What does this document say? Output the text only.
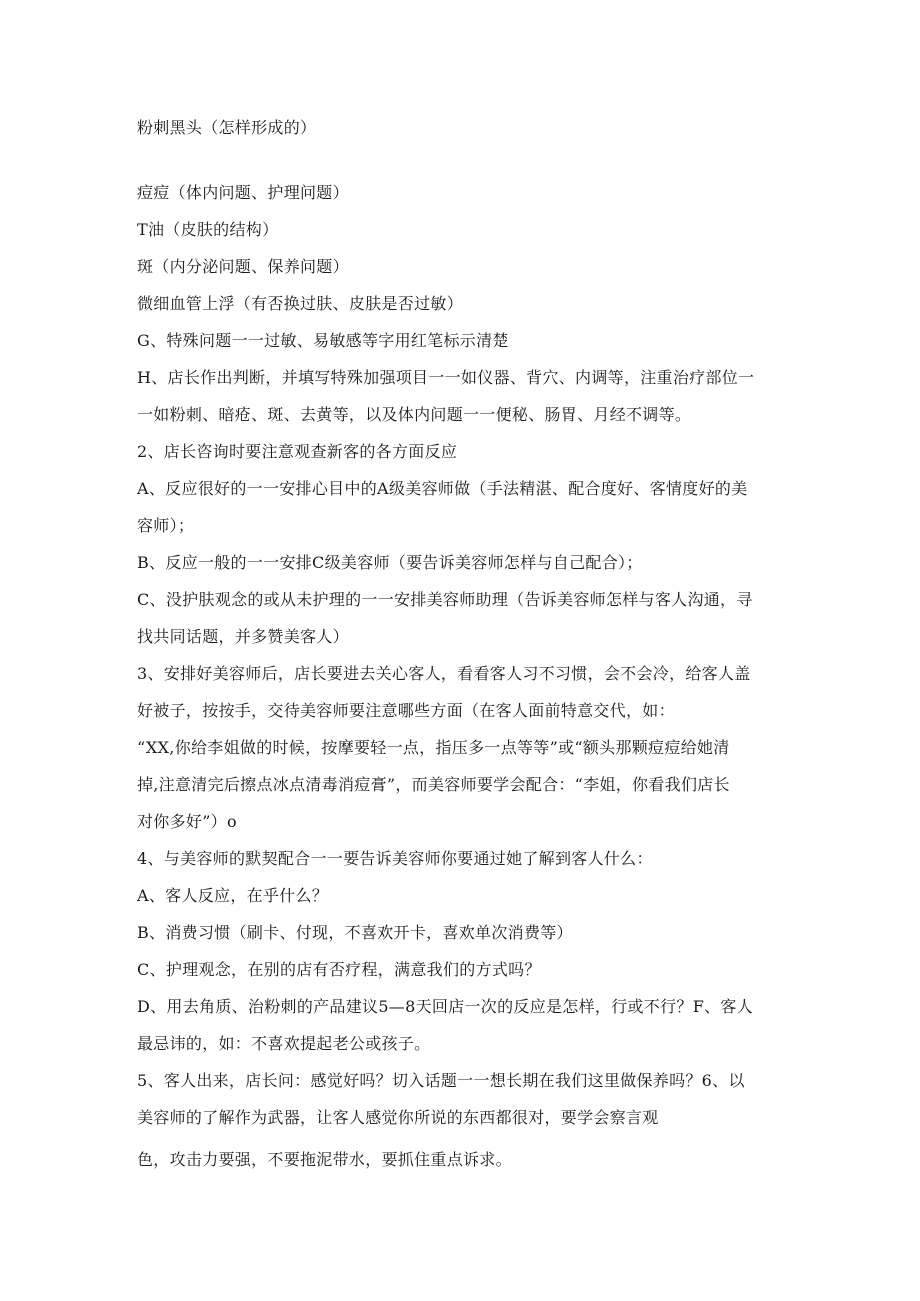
粉刺黑头（怎样形成的）
痘痘（体内问题、护理问题）
T油（皮肤的结构）
斑（内分泌问题、保养问题）
微细血管上浮（有否换过肤、皮肤是否过敏）
G、特殊问题一一过敏、易敏感等字用红笔标示清楚
H、店长作出判断，并填写特殊加强项目一一如仪器、背穴、内调等，注重治疗部位一
一如粉刺、暗疮、斑、去黄等，以及体内问题一一便秘、肠胃、月经不调等。
2、店长咨询时要注意观查新客的各方面反应
A、反应很好的一一安排心目中的A级美容师做（手法精湛、配合度好、客情度好的美
容师）；
B、反应一般的一一安排C级美容师（要告诉美容师怎样与自己配合）；
C、没护肤观念的或从未护理的一一安排美容师助理（告诉美容师怎样与客人沟通，寻
找共同话题，并多赞美客人）
3、安排好美容师后，店长要进去关心客人，看看客人习不习惯，会不会冷，给客人盖
好被子，按按手，交待美容师要注意哪些方面（在客人面前特意交代，如：
“XX,你给李姐做的时候，按摩要轻一点，指压多一点等等”或“额头那颗痘痘给她清
掉,注意清完后擦点冰点清毒消痘膏”，而美容师要学会配合：“李姐，你看我们店长
对你多好”）o
4、与美容师的默契配合一一要告诉美容师你要通过她了解到客人什么：
A、客人反应，在乎什么？
B、消费习惯（刷卡、付现，不喜欢开卡，喜欢单次消费等）
C、护理观念，在别的店有否疗程，满意我们的方式吗？
D、用去角质、治粉刺的产品建议5—8天回店一次的反应是怎样，行或不行？F、客人
最忌讳的，如：不喜欢提起老公或孩子。
5、客人出来，店长问：感觉好吗？切入话题一一想长期在我们这里做保养吗？6、以
美容师的了解作为武器，让客人感觉你所说的东西都很对，要学会察言观
色，攻击力要强，不要拖泥带水，要抓住重点诉求。
